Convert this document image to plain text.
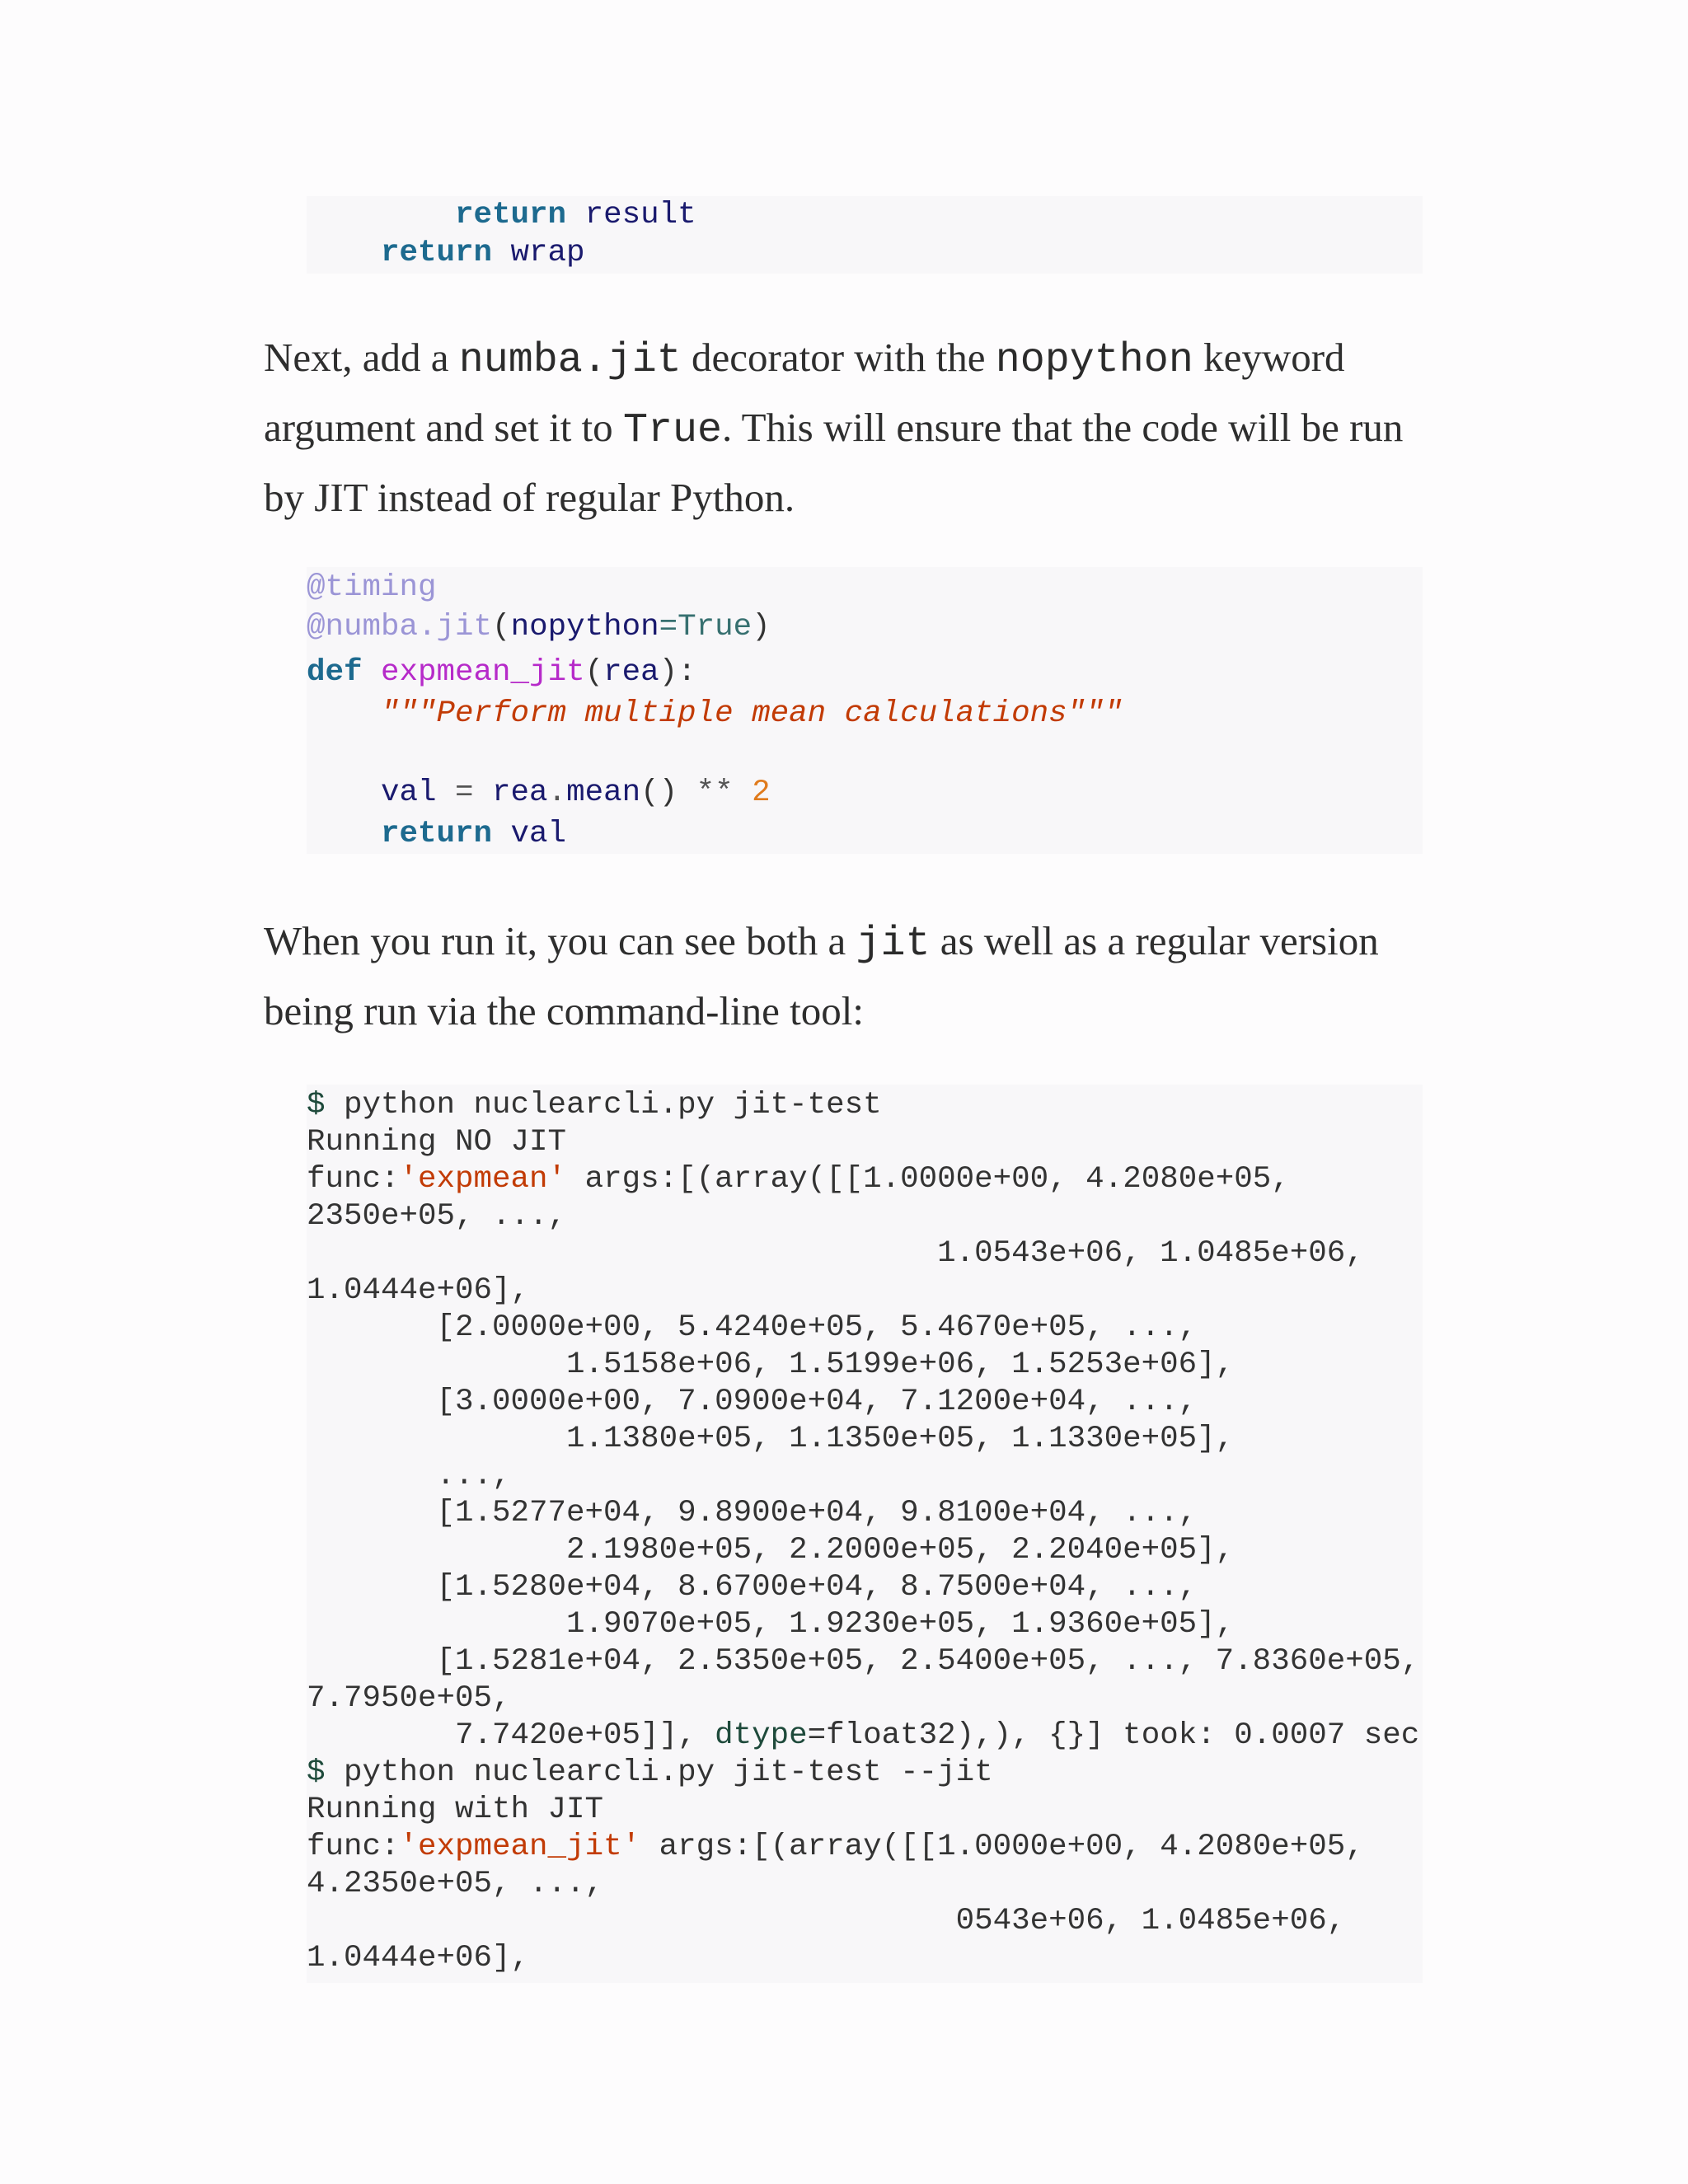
return result

return wrap

Next, add a numba.jit decorator with the nopython keyword argument and set it to True. This will ensure that the code will be run by JIT instead of regular Python.

@timing

@numba.jit(nopython=True)

def expmean_jit(rea):

"""Perform multiple mean calculations"""

val = rea.mean() ** 2

return val

When you run it, you can see both a jit as well as a regular version being run via the command-line tool:

$ python nuclearcli.py jit-test

Running NO JIT

func:'expmean' args:[(array([[1.0000e+00, 4.2080e+05,

2350e+05, ...,

1.0543e+06, 1.0485e+06,

1.0444e+06],

[2.0000e+00, 5.4240e+05, 5.4670e+05, ...,

1.5158e+06, 1.5199e+06, 1.5253e+06],

[3.0000e+00, 7.0900e+04, 7.1200e+04, ...,

1.1380e+05, 1.1350e+05, 1.1330e+05],

...,

[1.5277e+04, 9.8900e+04, 9.8100e+04, ...,

2.1980e+05, 2.2000e+05, 2.2040e+05],

[1.5280e+04, 8.6700e+04, 8.7500e+04, ...,

1.9070e+05, 1.9230e+05, 1.9360e+05],

[1.5281e+04, 2.5350e+05, 2.5400e+05, ..., 7.8360e+05,

7.7950e+05,

7.7420e+05]], dtype=float32),), {}] took: 0.0007 sec

$ python nuclearcli.py jit-test --jit

Running with JIT

func:'expmean_jit' args:[(array([[1.0000e+00, 4.2080e+05,

4.2350e+05, ...,

0543e+06, 1.0485e+06,

1.0444e+06],
